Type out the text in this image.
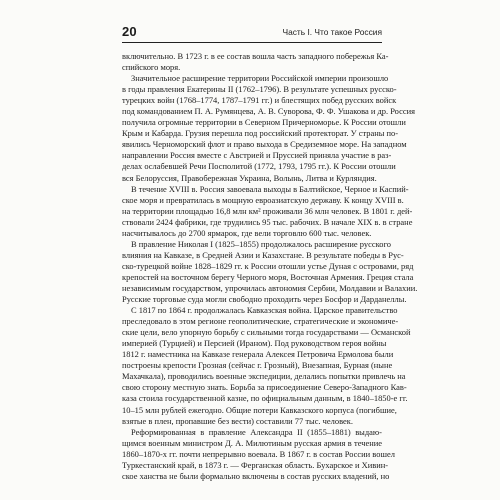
20	Часть I. Что такое Россия
включительно. В 1723 г. в ее состав вошла часть западного побережья Ка-
спийского моря.
Значительное расширение территории Российской империи произошло
в годы правления Екатерины II (1762–1796). В результате успешных русско-
турецких войн (1768–1774, 1787–1791 гг.) и блестящих побед русских войск
под командованием П. А. Румянцева, А. В. Суворова, Ф. Ф. Ушакова и др. Россия
получила огромные территории в Северном Причерноморье. К России отошли
Крым и Кабарда. Грузия перешла под российский протекторат. У страны по-
явились Черноморский флот и право выхода в Средиземное море. На западном
направлении Россия вместе с Австрией и Пруссией приняла участие в раз-
делах ослабевшей Речи Посполитой (1772, 1793, 1795 гг.). К России отошли
вся Белоруссия, Правобережная Украина, Волынь, Литва и Курляндия.
В течение XVIII в. Россия завоевала выходы в Балтийское, Черное и Каспий-
ское моря и превратилась в мощную евроазиатскую державу. К концу XVIII в.
на территории площадью 16,8 млн км² проживали 36 млн человек. В 1801 г. дей-
ствовали 2424 фабрики, где трудились 95 тыс. рабочих. В начале XIX в. в стране
насчитывалось до 2700 ярмарок, где вели торговлю 600 тыс. человек.
В правление Николая I (1825–1855) продолжалось расширение русского
влияния на Кавказе, в Средней Азии и Казахстане. В результате победы в Рус-
ско-турецкой войне 1828–1829 гг. к России отошли устье Дуная с островами, ряд
крепостей на восточном берегу Черного моря, Восточная Армения. Греция стала
независимым государством, упрочилась автономия Сербии, Молдавии и Валахии.
Русские торговые суда могли свободно проходить через Босфор и Дарданеллы.
С 1817 по 1864 г. продолжалась Кавказская война. Царское правительство
преследовало в этом регионе геополитические, стратегические и экономиче-
ские цели, вело упорную борьбу с сильными тогда государствами — Османской
империей (Турцией) и Персией (Ираном). Под руководством героя войны
1812 г. наместника на Кавказе генерала Алексея Петровича Ермолова были
построены крепости Грозная (сейчас г. Грозный), Внезапная, Бурная (ныне
Махачкала), проводились военные экспедиции, делались попытки привлечь на
свою сторону местную знать. Борьба за присоединение Северо-Западного Кав-
каза стоила государственной казне, по официальным данным, в 1840–1850-е гг.
10–15 млн рублей ежегодно. Общие потери Кавказского корпуса (погибшие,
взятые в плен, пропавшие без вести) составили 77 тыс. человек.
Реформированная в правление Александра II (1855–1881) выдаю-
щимся военным министром Д. А. Милютиным русская армия в течение
1860–1870-х гг. почти непрерывно воевала. В 1867 г. в состав России вошел
Туркестанский край, в 1873 г. — Ферганская область. Бухарское и Хивин-
ское ханства не были формально включены в состав русских владений, но
